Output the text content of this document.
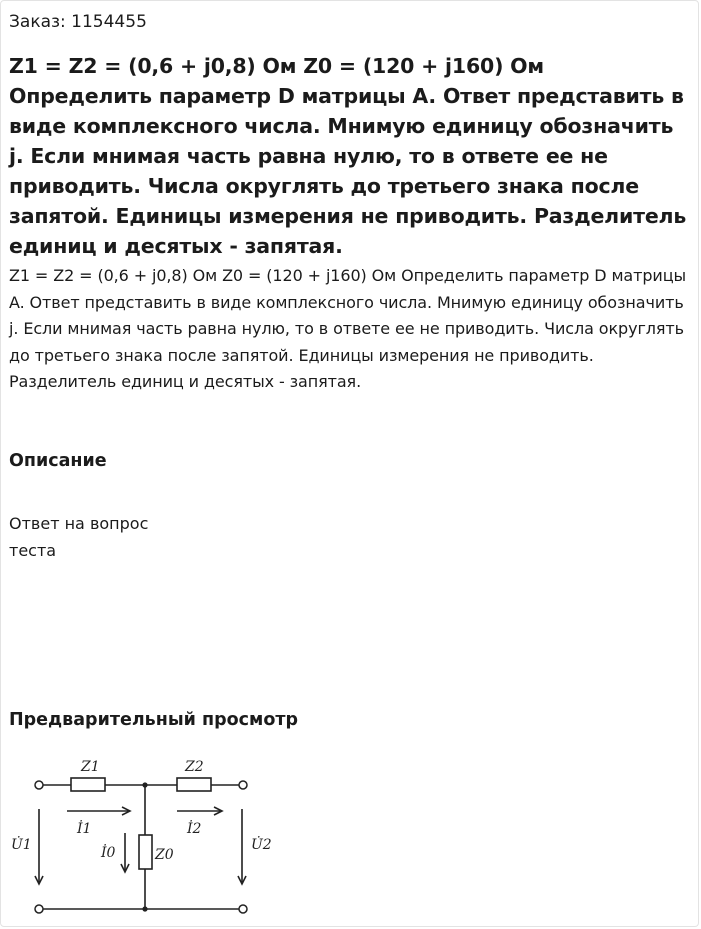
Заказ: 1154455
Z1 = Z2 = (0,6 + j0,8) Ом Z0 = (120 + j160) Ом Определить параметр D матрицы A. Ответ представить в виде комплексного числа. Мнимую единицу обозначить j. Если мнимая часть равна нулю, то в ответе ее не приводить. Числа округлять до третьего знака после запятой. Единицы измерения не приводить. Разделитель единиц и десятых - запятая.

Z1 = Z2 = (0,6 + j0,8) Ом Z0 = (120 + j160) Ом Определить параметр D матрицы A. Ответ представить в виде комплексного числа. Мнимую единицу обозначить j. Если мнимая часть равна нулю, то в ответе ее не приводить. Числа округлять до третьего знака после запятой. Единицы измерения не приводить. Разделитель единиц и десятых - запятая.

Описание

Ответ на вопрос теста

Предварительный просмотр
Z1	Z2
Z0
İ1	İ2
İ0
U̇1	U̇2
